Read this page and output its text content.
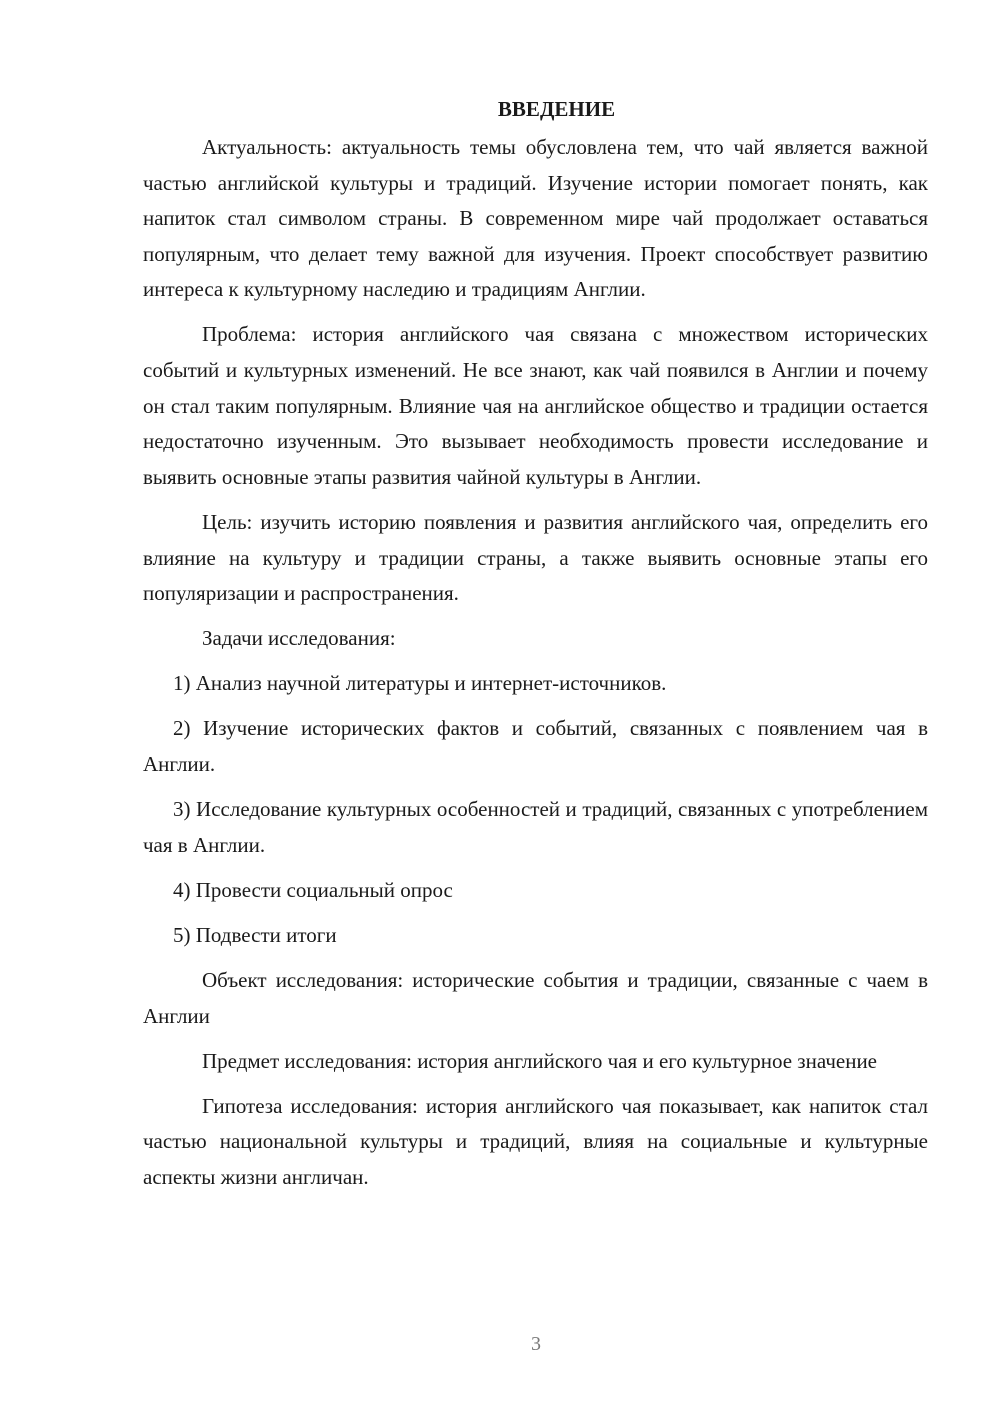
ВВЕДЕНИЕ

Актуальность: актуальность темы обусловлена тем, что чай является важной частью английской культуры и традиций. Изучение истории помогает понять, как напиток стал символом страны. В современном мире чай продолжает оставаться популярным, что делает тему важной для изучения. Проект способствует развитию интереса к культурному наследию и традициям Англии.

Проблема: история английского чая связана с множеством исторических событий и культурных изменений. Не все знают, как чай появился в Англии и почему он стал таким популярным. Влияние чая на английское общество и традиции остается недостаточно изученным. Это вызывает необходимость провести исследование и выявить основные этапы развития чайной культуры в Англии.

Цель: изучить историю появления и развития английского чая, определить его влияние на культуру и традиции страны, а также выявить основные этапы его популяризации и распространения.

Задачи исследования:

1) Анализ научной литературы и интернет-источников.

2) Изучение исторических фактов и событий, связанных с появлением чая в Англии.

3) Исследование культурных особенностей и традиций, связанных с употреблением чая в Англии.

4) Провести социальный опрос

5) Подвести итоги

Объект исследования: исторические события и традиции, связанные с чаем в Англии

Предмет исследования: история английского чая и его культурное значение

Гипотеза исследования: история английского чая показывает, как напиток стал частью национальной культуры и традиций, влияя на социальные и культурные аспекты жизни англичан.

3
